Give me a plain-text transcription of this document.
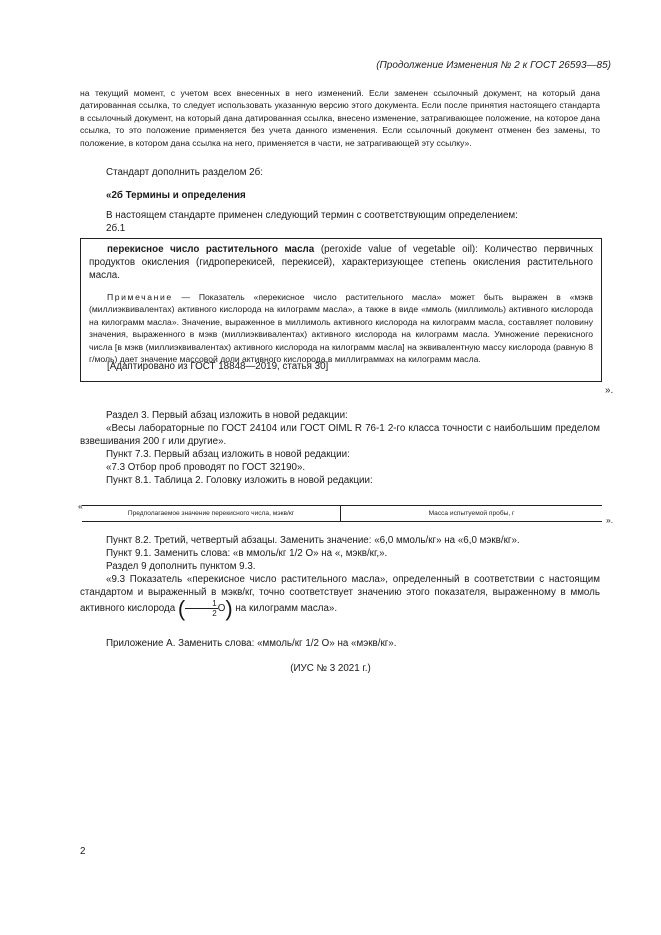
(Продолжение Изменения № 2 к ГОСТ 26593—85)
на текущий момент, с учетом всех внесенных в него изменений. Если заменен ссылочный документ, на который дана датированная ссылка, то следует использовать указанную версию этого документа. Если после принятия настоящего стандарта в ссылочный документ, на который дана датированная ссылка, внесено изменение, затрагивающее положение, на которое дана ссылка, то это положение применяется без учета данного изменения. Если ссылочный документ отменен без замены, то положение, в котором дана ссылка на него, применяется в части, не затрагивающей эту ссылку».
Стандарт дополнить разделом 2б:
«2б Термины и определения
В настоящем стандарте применен следующий термин с соответствующим определением:
2б.1
перекисное число растительного масла (peroxide value of vegetable oil): Количество первичных продуктов окисления (гидроперекисей, перекисей), характеризующее степень окисления растительного масла.
Примечание — Показатель «перекисное число растительного масла» может быть выражен в «мэкв (миллиэквивалентах) активного кислорода на килограмм масла», а также в виде «ммоль (миллимоль) активного кислорода на килограмм масла». Значение, выраженное в миллимоль активного кислорода на килограмм масла, составляет половину значения, выраженного в мэкв (миллиэквивалентах) активного кислорода на килограмм масла. Умножение перекисного числа [в мэкв (миллиэквивалентах) активного кислорода на килограмм масла] на эквивалентную массу кислорода (равную 8 г/моль) дает значение массовой доли активного кислорода в миллиграммах на килограмм масла.
[Адаптировано из ГОСТ 18848—2019, статья 30]
».
Раздел 3. Первый абзац изложить в новой редакции:
«Весы лабораторные по ГОСТ 24104 или ГОСТ OIML R 76-1 2-го класса точности с наибольшим пределом взвешивания 200 г или другие».
Пункт 7.3. Первый абзац изложить в новой редакции:
«7.3 Отбор проб проводят по ГОСТ 32190».
Пункт 8.1. Таблица 2. Головку изложить в новой редакции:
«
Предполагаемое значение перекисного числа, мэкв/кг	Масса испытуемой пробы, г
».
Пункт 8.2. Третий, четвертый абзацы. Заменить значение: «6,0 ммоль/кг» на «6,0 мэкв/кг».
Пункт 9.1. Заменить слова: «в ммоль/кг 1/2 О» на «, мэкв/кг,».
Раздел 9 дополнить пунктом 9.3.
«9.3 Показатель «перекисное число растительного масла», определенный в соответствии с настоящим стандартом и выраженный в мэкв/кг, точно соответствует значению этого показателя, выраженному в ммоль активного кислорода ( $\frac{1}{2} O$) на килограмм масла».
Приложение А. Заменить слова: «ммоль/кг 1/2 О» на «мэкв/кг».
(ИУС № 3 2021 г.)
2
